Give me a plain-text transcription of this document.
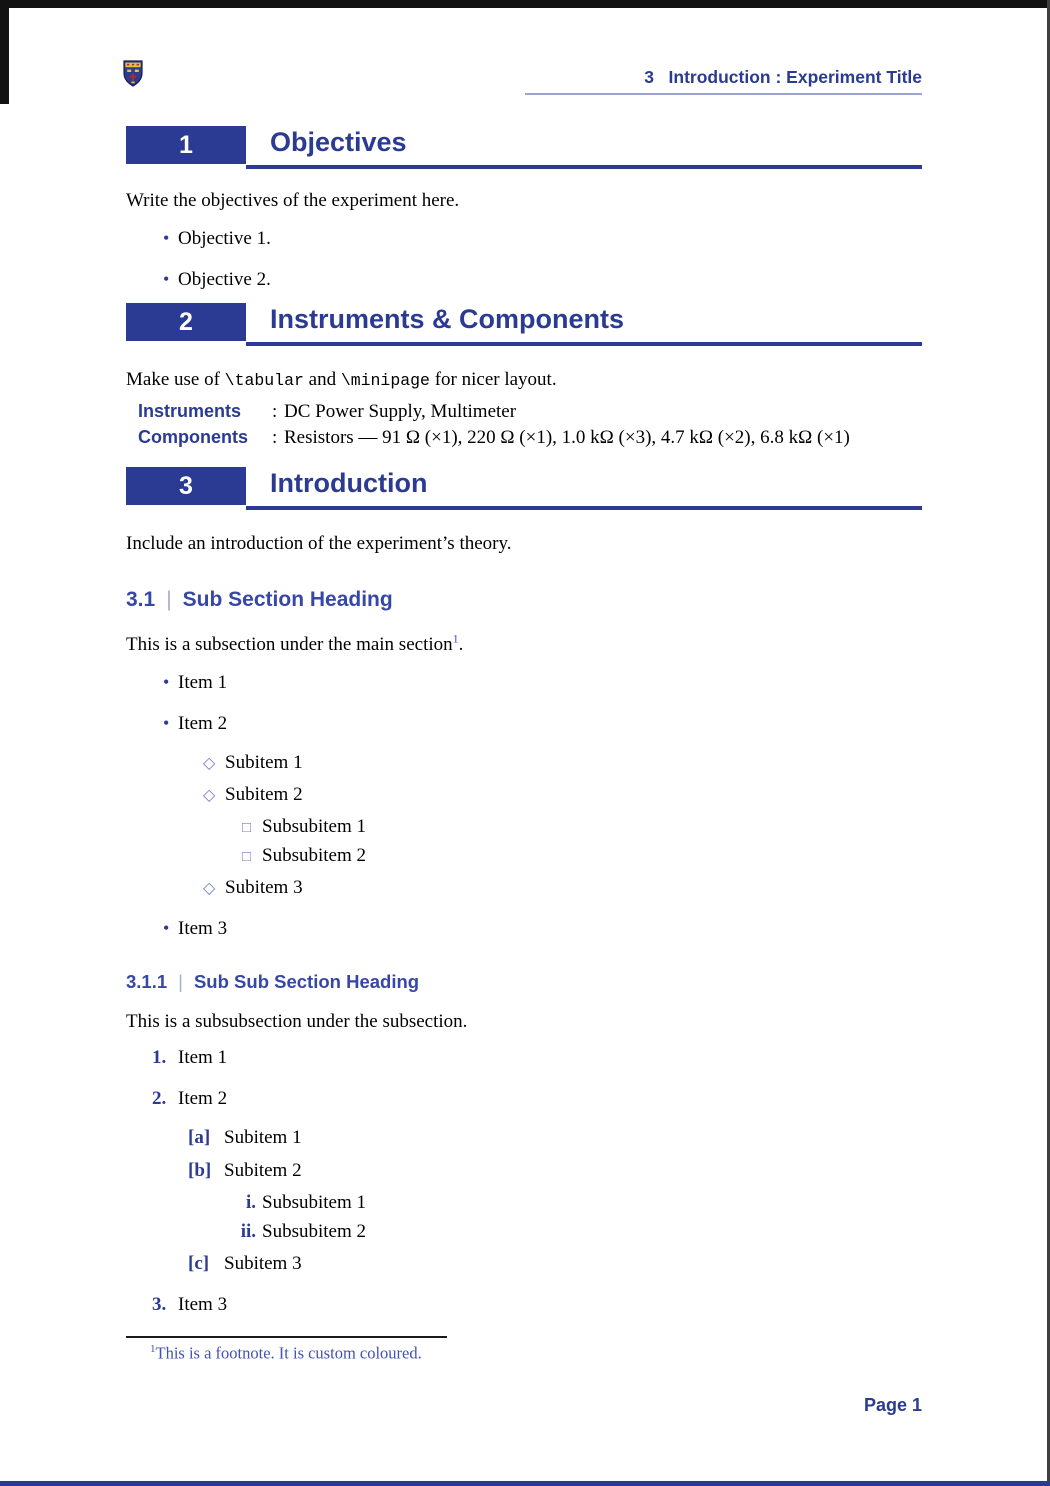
3   Introduction : Experiment Title
1	Objectives
Write the objectives of the experiment here.
• Objective 1.
• Objective 2.
2	Instruments & Components
Make use of \tabular and \minipage for nicer layout.
Instruments	: DC Power Supply, Multimeter
Components	: Resistors — 91 Ω (×1), 220 Ω (×1), 1.0 kΩ (×3), 4.7 kΩ (×2), 6.8 kΩ (×1)
3	Introduction
Include an introduction of the experiment’s theory.
3.1 | Sub Section Heading
This is a subsection under the main section$^1$.
• Item 1
• Item 2
◇ Subitem 1
◇ Subitem 2
□ Subsubitem 1
□ Subsubitem 2
◇ Subitem 3
• Item 3
3.1.1 | Sub Sub Section Heading
This is a subsubsection under the subsection.
1. Item 1
2. Item 2
[a] Subitem 1
[b] Subitem 2
i. Subsubitem 1
ii. Subsubitem 2
[c] Subitem 3
3. Item 3
$^1$This is a footnote. It is custom coloured.
Page 1
